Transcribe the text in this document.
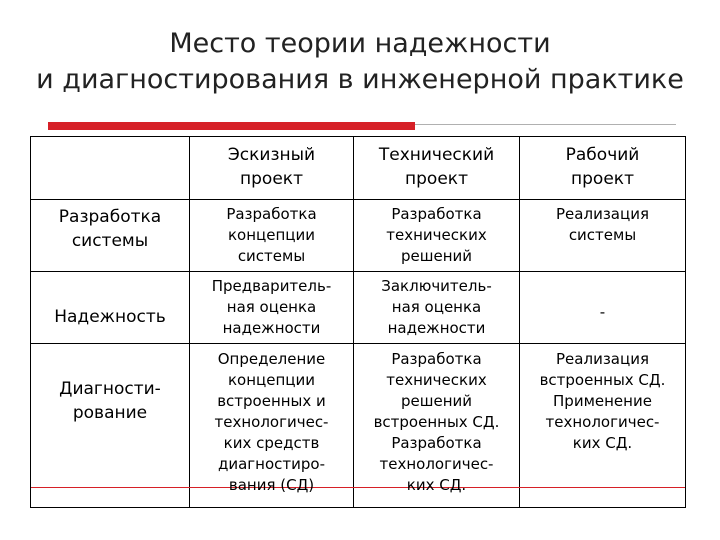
Место теории надежности
и диагностирования в инженерной практике
Эскизный
проект
Технический
проект
Рабочий
проект
Разработка
системы
Разработка
концепции
системы
Разработка
технических
решений
Реализация
системы
Надежность
Предваритель-
ная оценка
надежности
Заключитель-
ная оценка
надежности
-
Диагности-
рование
Определение
концепции
встроенных и
технологичес-
ких средств
диагностиро-
вания (СД)
Разработка
технических
решений
встроенных СД.
Разработка
технологичес-
ких СД.
Реализация
встроенных СД.
Применение
технологичес-
ких СД.
